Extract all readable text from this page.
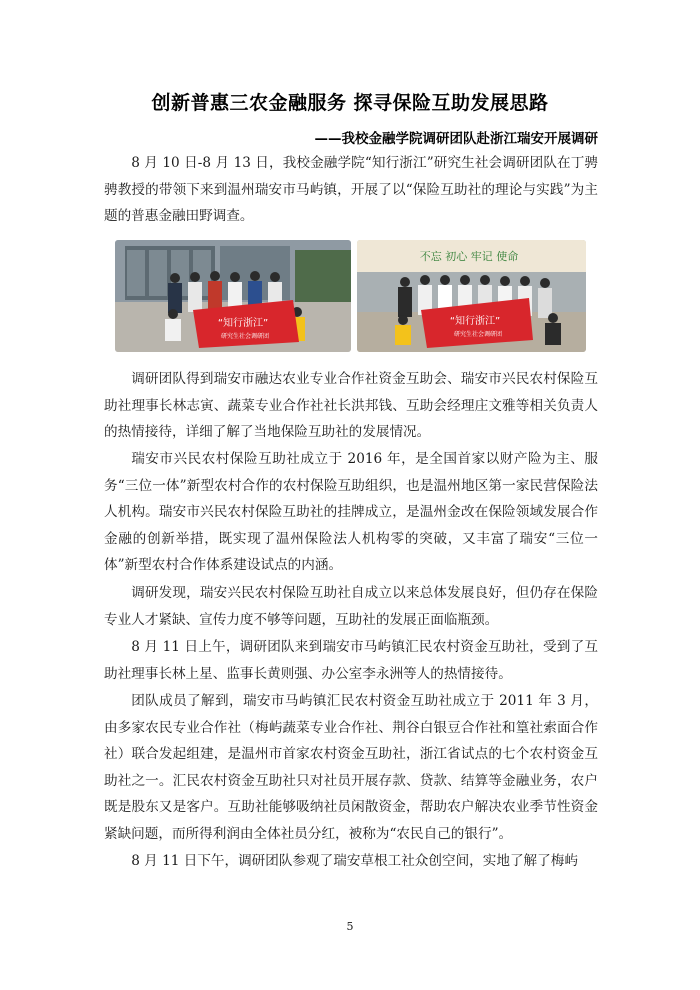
创新普惠三农金融服务 探寻保险互助发展思路

——我校金融学院调研团队赴浙江瑞安开展调研

8 月 10 日-8 月 13 日，我校金融学院“知行浙江”研究生社会调研团队在丁骋骋教授的带领下来到温州瑞安市马屿镇，开展了以“保险互助社的理论与实践”为主题的普惠金融田野调查。

“知行浙江”
研究生社会调研团
不忘 初心 牢记 使命
“知行浙江”
研究生社会调研团

调研团队得到瑞安市融达农业专业合作社资金互助会、瑞安市兴民农村保险互助社理事长林志寅、蔬菜专业合作社社长洪邦钱、互助会经理庄文雅等相关负责人的热情接待，详细了解了当地保险互助社的发展情况。

瑞安市兴民农村保险互助社成立于 2016 年，是全国首家以财产险为主、服务“三位一体”新型农村合作的农村保险互助组织，也是温州地区第一家民营保险法人机构。瑞安市兴民农村保险互助社的挂牌成立，是温州金改在保险领域发展合作金融的创新举措，既实现了温州保险法人机构零的突破，又丰富了瑞安“三位一体”新型农村合作体系建设试点的内涵。

调研发现，瑞安兴民农村保险互助社自成立以来总体发展良好，但仍存在保险专业人才紧缺、宣传力度不够等问题，互助社的发展正面临瓶颈。

8 月 11 日上午，调研团队来到瑞安市马屿镇汇民农村资金互助社，受到了互助社理事长林上星、监事长黄则强、办公室李永洲等人的热情接待。

团队成员了解到，瑞安市马屿镇汇民农村资金互助社成立于 2011 年 3 月，由多家农民专业合作社（梅屿蔬菜专业合作社、荆谷白银豆合作社和篁社索面合作社）联合发起组建，是温州市首家农村资金互助社，浙江省试点的七个农村资金互助社之一。汇民农村资金互助社只对社员开展存款、贷款、结算等金融业务，农户既是股东又是客户。互助社能够吸纳社员闲散资金，帮助农户解决农业季节性资金紧缺问题，而所得利润由全体社员分红，被称为“农民自己的银行”。

8 月 11 日下午，调研团队参观了瑞安草根工社众创空间，实地了解了梅屿

5
